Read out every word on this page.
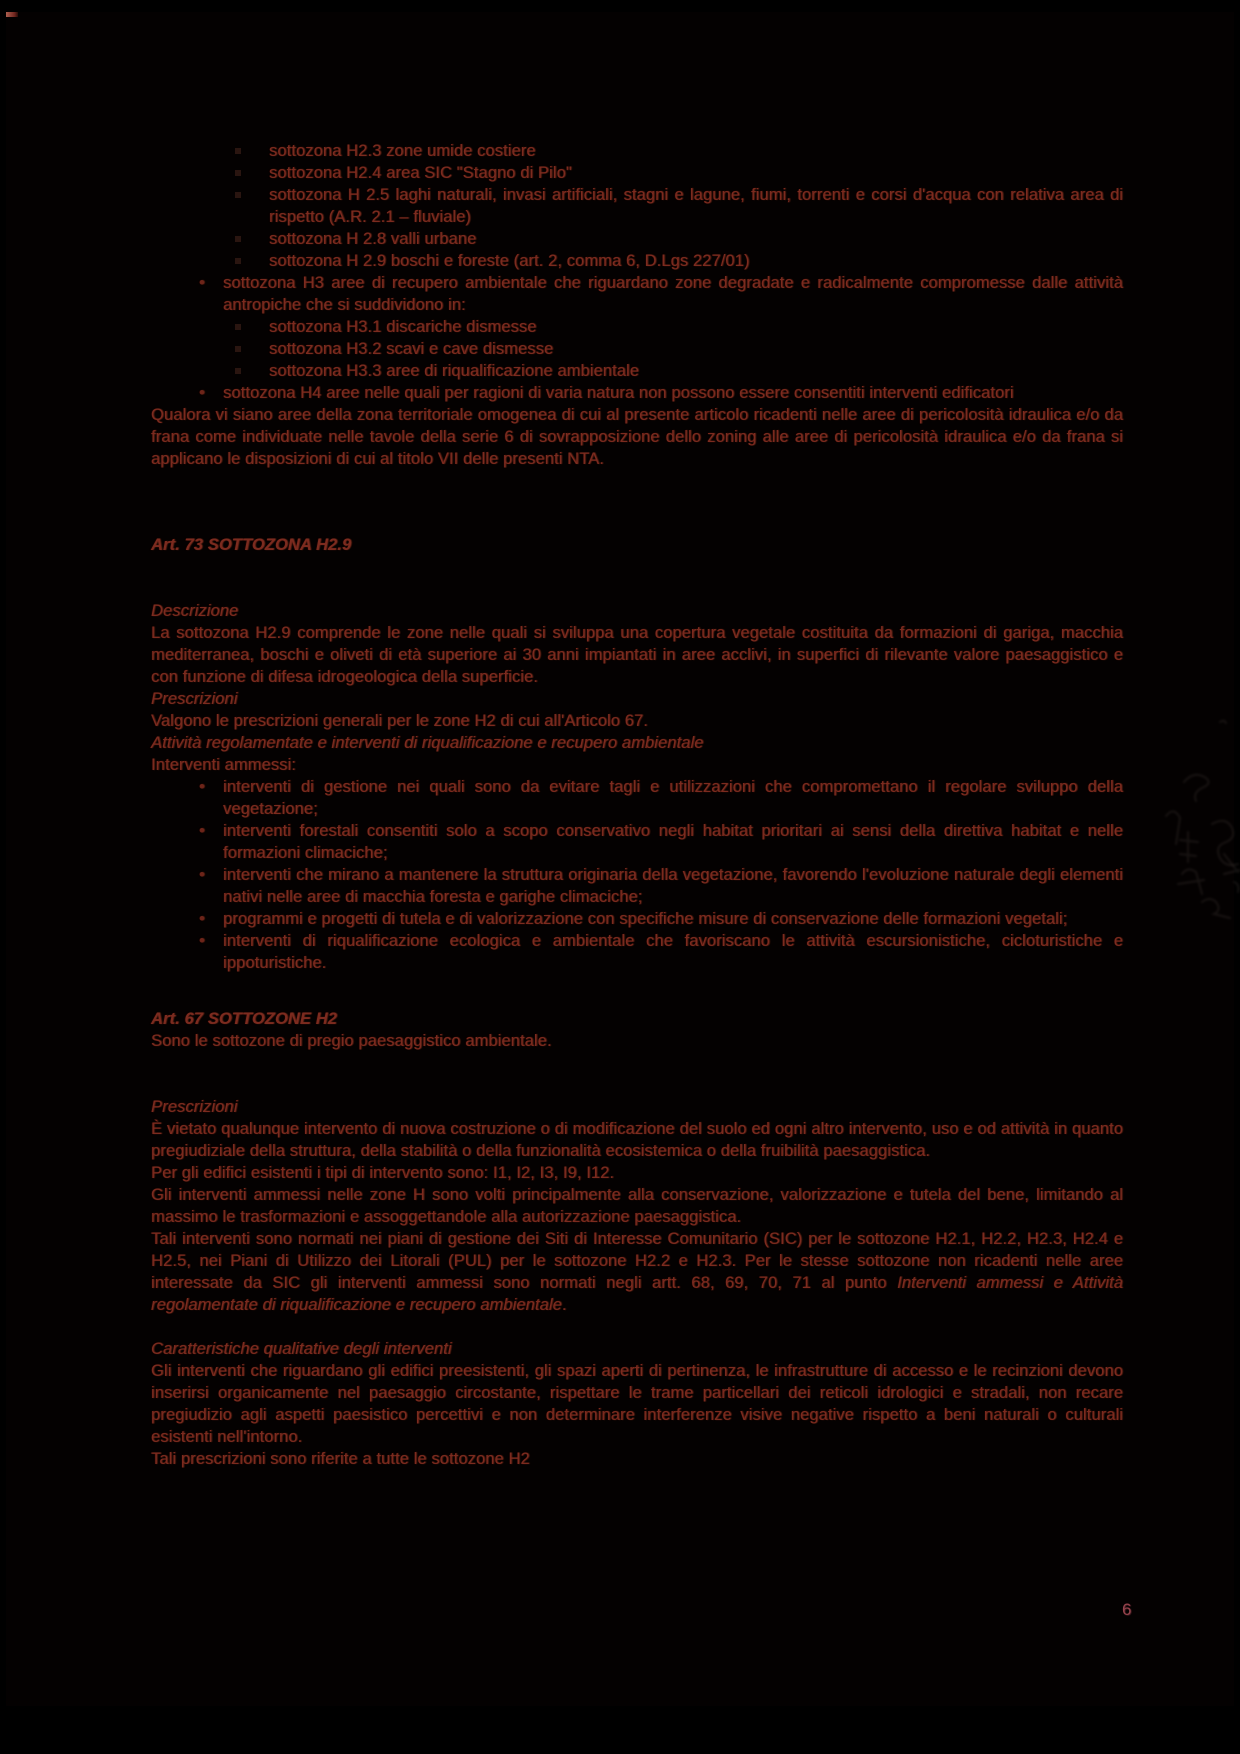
sottozona H2.3 zone umide costiere
sottozona H2.4 area SIC "Stagno di Pilo"
sottozona H 2.5 laghi naturali, invasi artificiali, stagni e lagune, fiumi, torrenti e corsi d'acqua con relativa area di rispetto (A.R. 2.1 – fluviale)
sottozona H 2.8 valli urbane
sottozona H 2.9 boschi e foreste (art. 2, comma 6, D.Lgs 227/01)
• sottozona H3 aree di recupero ambientale che riguardano zone degradate e radicalmente compromesse dalle attività antropiche che si suddividono in:
sottozona H3.1 discariche dismesse
sottozona H3.2 scavi e cave dismesse
sottozona H3.3 aree di riqualificazione ambientale
• sottozona H4 aree nelle quali per ragioni di varia natura non possono essere consentiti interventi edificatori

Qualora vi siano aree della zona territoriale omogenea di cui al presente articolo ricadenti nelle aree di pericolosità idraulica e/o da frana come individuate nelle tavole della serie 6 di sovrapposizione dello zoning alle aree di pericolosità idraulica e/o da frana si applicano le disposizioni di cui al titolo VII delle presenti NTA.

Art. 73 SOTTOZONA H2.9

Descrizione

La sottozona H2.9 comprende le zone nelle quali si sviluppa una copertura vegetale costituita da formazioni di gariga, macchia mediterranea, boschi e oliveti di età superiore ai 30 anni impiantati in aree acclivi, in superfici di rilevante valore paesaggistico e con funzione di difesa idrogeologica della superficie.

Prescrizioni

Valgono le prescrizioni generali per le zone H2 di cui all'Articolo 67.

Attività regolamentate e interventi di riqualificazione e recupero ambientale

Interventi ammessi:

• interventi di gestione nei quali sono da evitare tagli e utilizzazioni che compromettano il regolare sviluppo della vegetazione;
• interventi forestali consentiti solo a scopo conservativo negli habitat prioritari ai sensi della direttiva habitat e nelle formazioni climaciche;
• interventi che mirano a mantenere la struttura originaria della vegetazione, favorendo l'evoluzione naturale degli elementi nativi nelle aree di macchia foresta e garighe climaciche;
• programmi e progetti di tutela e di valorizzazione con specifiche misure di conservazione delle formazioni vegetali;
• interventi di riqualificazione ecologica e ambientale che favoriscano le attività escursionistiche, cicloturistiche e ippoturistiche.

Art. 67 SOTTOZONE H2

Sono le sottozone di pregio paesaggistico ambientale.

Prescrizioni

È vietato qualunque intervento di nuova costruzione o di modificazione del suolo ed ogni altro intervento, uso e od attività in quanto pregiudiziale della struttura, della stabilità o della funzionalità ecosistemica o della fruibilità paesaggistica.

Per gli edifici esistenti i tipi di intervento sono: I1, I2, I3, I9, I12.

Gli interventi ammessi nelle zone H sono volti principalmente alla conservazione, valorizzazione e tutela del bene, limitando al massimo le trasformazioni e assoggettandole alla autorizzazione paesaggistica.

Tali interventi sono normati nei piani di gestione dei Siti di Interesse Comunitario (SIC) per le sottozone H2.1, H2.2, H2.3, H2.4 e H2.5, nei Piani di Utilizzo dei Litorali (PUL) per le sottozone H2.2 e H2.3. Per le stesse sottozone non ricadenti nelle aree interessate da SIC gli interventi ammessi sono normati negli artt. 68, 69, 70, 71 al punto Interventi ammessi e Attività regolamentate di riqualificazione e recupero ambientale.

Caratteristiche qualitative degli interventi

Gli interventi che riguardano gli edifici preesistenti, gli spazi aperti di pertinenza, le infrastrutture di accesso e le recinzioni devono inserirsi organicamente nel paesaggio circostante, rispettare le trame particellari dei reticoli idrologici e stradali, non recare pregiudizio agli aspetti paesistico percettivi e non determinare interferenze visive negative rispetto a beni naturali o culturali esistenti nell'intorno.

Tali prescrizioni sono riferite a tutte le sottozone H2

6
